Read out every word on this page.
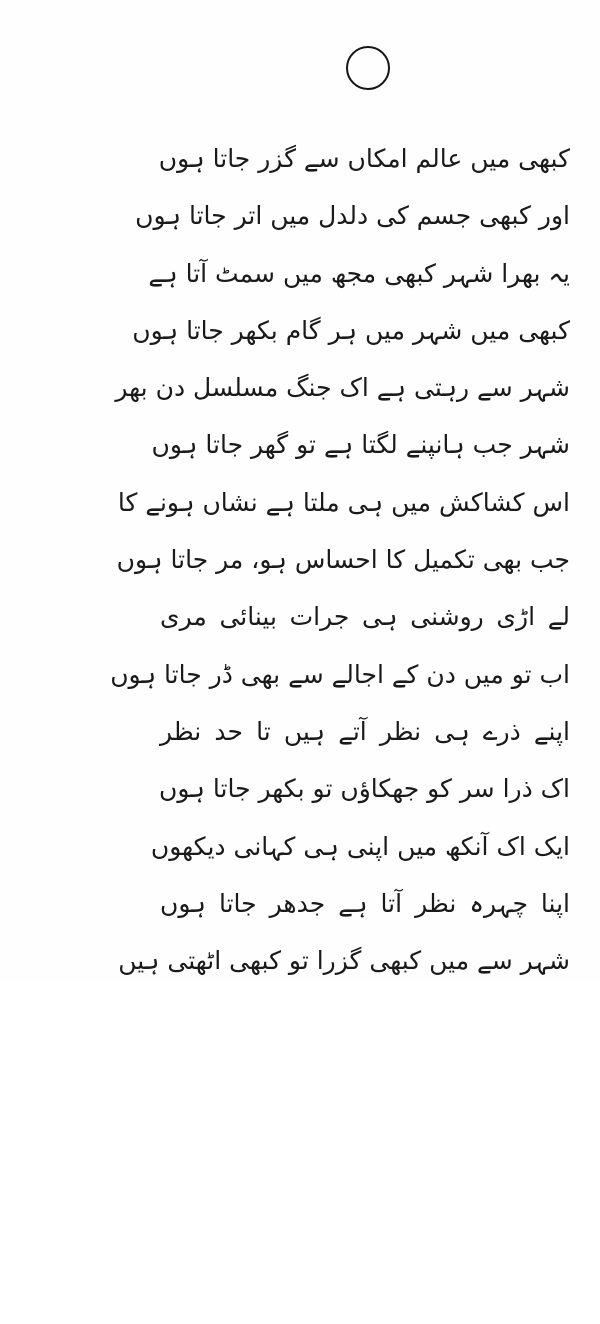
کبھی میں عالم امکاں سے گزر جاتا ہوں
اور کبھی جسم کی دلدل میں اتر جاتا ہوں
یہ بھرا شہر کبھی مجھ میں سمٹ آتا ہے
کبھی میں شہر میں ہر گام بکھر جاتا ہوں
شہر سے رہتی ہے اک جنگ مسلسل دن بھر
شہر جب ہانپنے لگتا ہے تو گھر جاتا ہوں
اس کشاکش میں ہی ملتا ہے نشاں ہونے کا
جب بھی تکمیل کا احساس ہو، مر جاتا ہوں
لے اڑی روشنی ہی جرات بینائی مری
اب تو میں دن کے اجالے سے بھی ڈر جاتا ہوں
اپنے ذرے ہی نظر آتے ہیں تا حد نظر
اک ذرا سر کو جھکاؤں تو بکھر جاتا ہوں
ایک اک آنکھ میں اپنی ہی کہانی دیکھوں
اپنا چہرہ نظر آتا ہے جدھر جاتا ہوں
شہر سے میں کبھی گزرا تو کبھی اٹھتی ہیں
